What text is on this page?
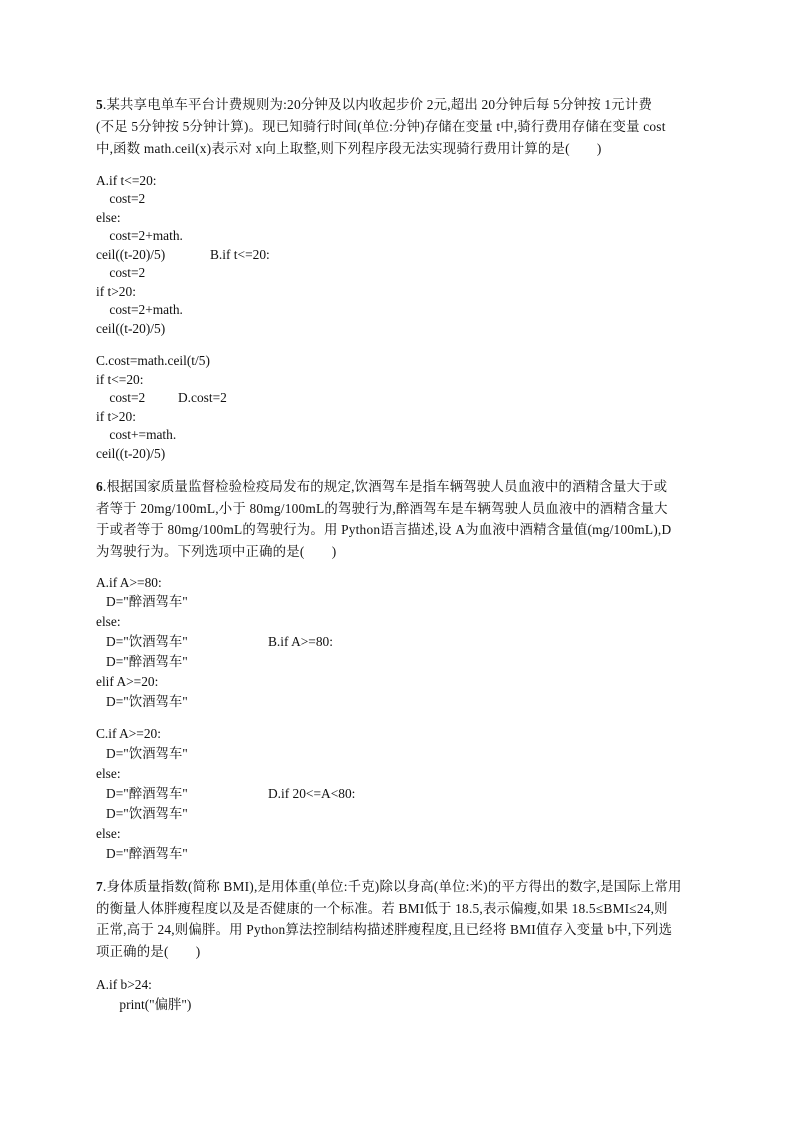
5.某共享电单车平台计费规则为:20分钟及以内收起步价 2元,超出 20分钟后每 5分钟按 1元计费
(不足 5分钟按 5分钟计算)。现已知骑行时间(单位:分钟)存储在变量 t中,骑行费用存储在变量 cost
中,函数 math.ceil(x)表示对 x向上取整,则下列程序段无法实现骑行费用计算的是(　　)
A.if t<=20:
cost=2
else:
cost=2+math.
ceil((t-20)/5)	B.if t<=20:
cost=2
if t>20:
cost=2+math.
ceil((t-20)/5)
C.cost=math.ceil(t/5)
if t<=20:
cost=2 D.cost=2
if t>20:
cost+=math.
ceil((t-20)/5)
6.根据国家质量监督检验检疫局发布的规定,饮酒驾车是指车辆驾驶人员血液中的酒精含量大于或
者等于 20mg/100mL,小于 80mg/100mL的驾驶行为,醉酒驾车是车辆驾驶人员血液中的酒精含量大
于或者等于 80mg/100mL的驾驶行为。用 Python语言描述,设 A为血液中酒精含量值(mg/100mL),D
为驾驶行为。下列选项中正确的是(　　)
A.if A>=80:
D="醉酒驾车"
else:
D="饮酒驾车"	B.if A>=80:
D="醉酒驾车"
elif A>=20:
D="饮酒驾车"
C.if A>=20:
D="饮酒驾车"
else:
D="醉酒驾车"	D.if 20<=A<80:
D="饮酒驾车"
else:
D="醉酒驾车"
7.身体质量指数(简称 BMI),是用体重(单位:千克)除以身高(单位:米)的平方得出的数字,是国际上常用
的衡量人体胖瘦程度以及是否健康的一个标准。若 BMI低于 18.5,表示偏瘦,如果 18.5≤BMI≤24,则
正常,高于 24,则偏胖。用 Python算法控制结构描述胖瘦程度,且已经将 BMI值存入变量 b中,下列选
项正确的是(　　)
A.if b>24:
print("偏胖")
